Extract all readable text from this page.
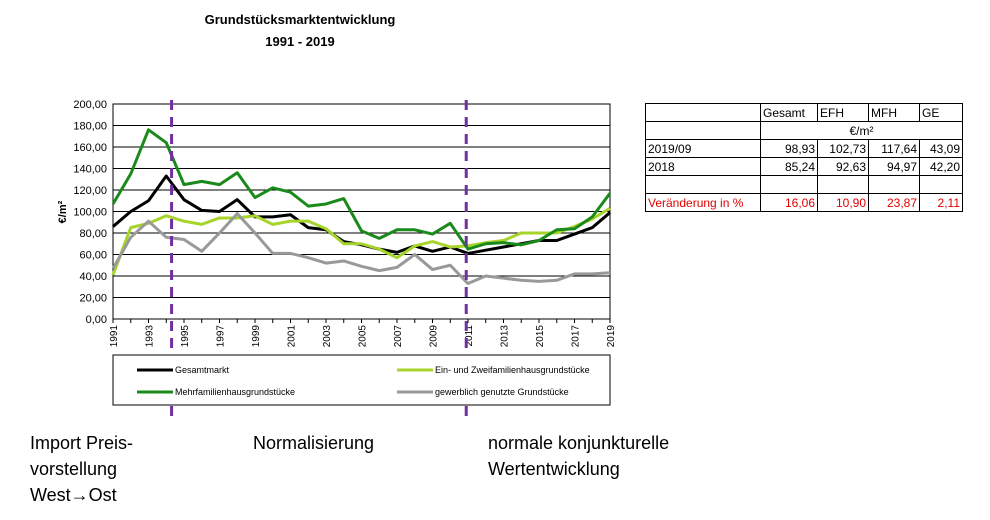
Grundstücksmarktentwicklung
1991 - 2019
0,00
20,00
40,00
60,00
80,00
100,00
120,00
140,00
160,00
180,00
200,00
1991 1993 1995 1997 1999 2001 2003 2005 2007 2009 2011 2013 2015 2017 2019
€/m²
Gesamtmarkt	Ein- und Zweifamilienhausgrundstücke
Mehrfamilienhausgrundstücke	gewerblich genutzte Grundstücke
	Gesamt	EFH	MFH	GE
	€/m²			
2019/09	98,93	102,73	117,64	43,09
2018	85,24	92,63	94,97	42,20

Veränderung in %	16,06	10,90	23,87	2,11
Import Preis-
vorstellung
West→Ost
Normalisierung	normale konjunkturelle
Wertentwicklung
